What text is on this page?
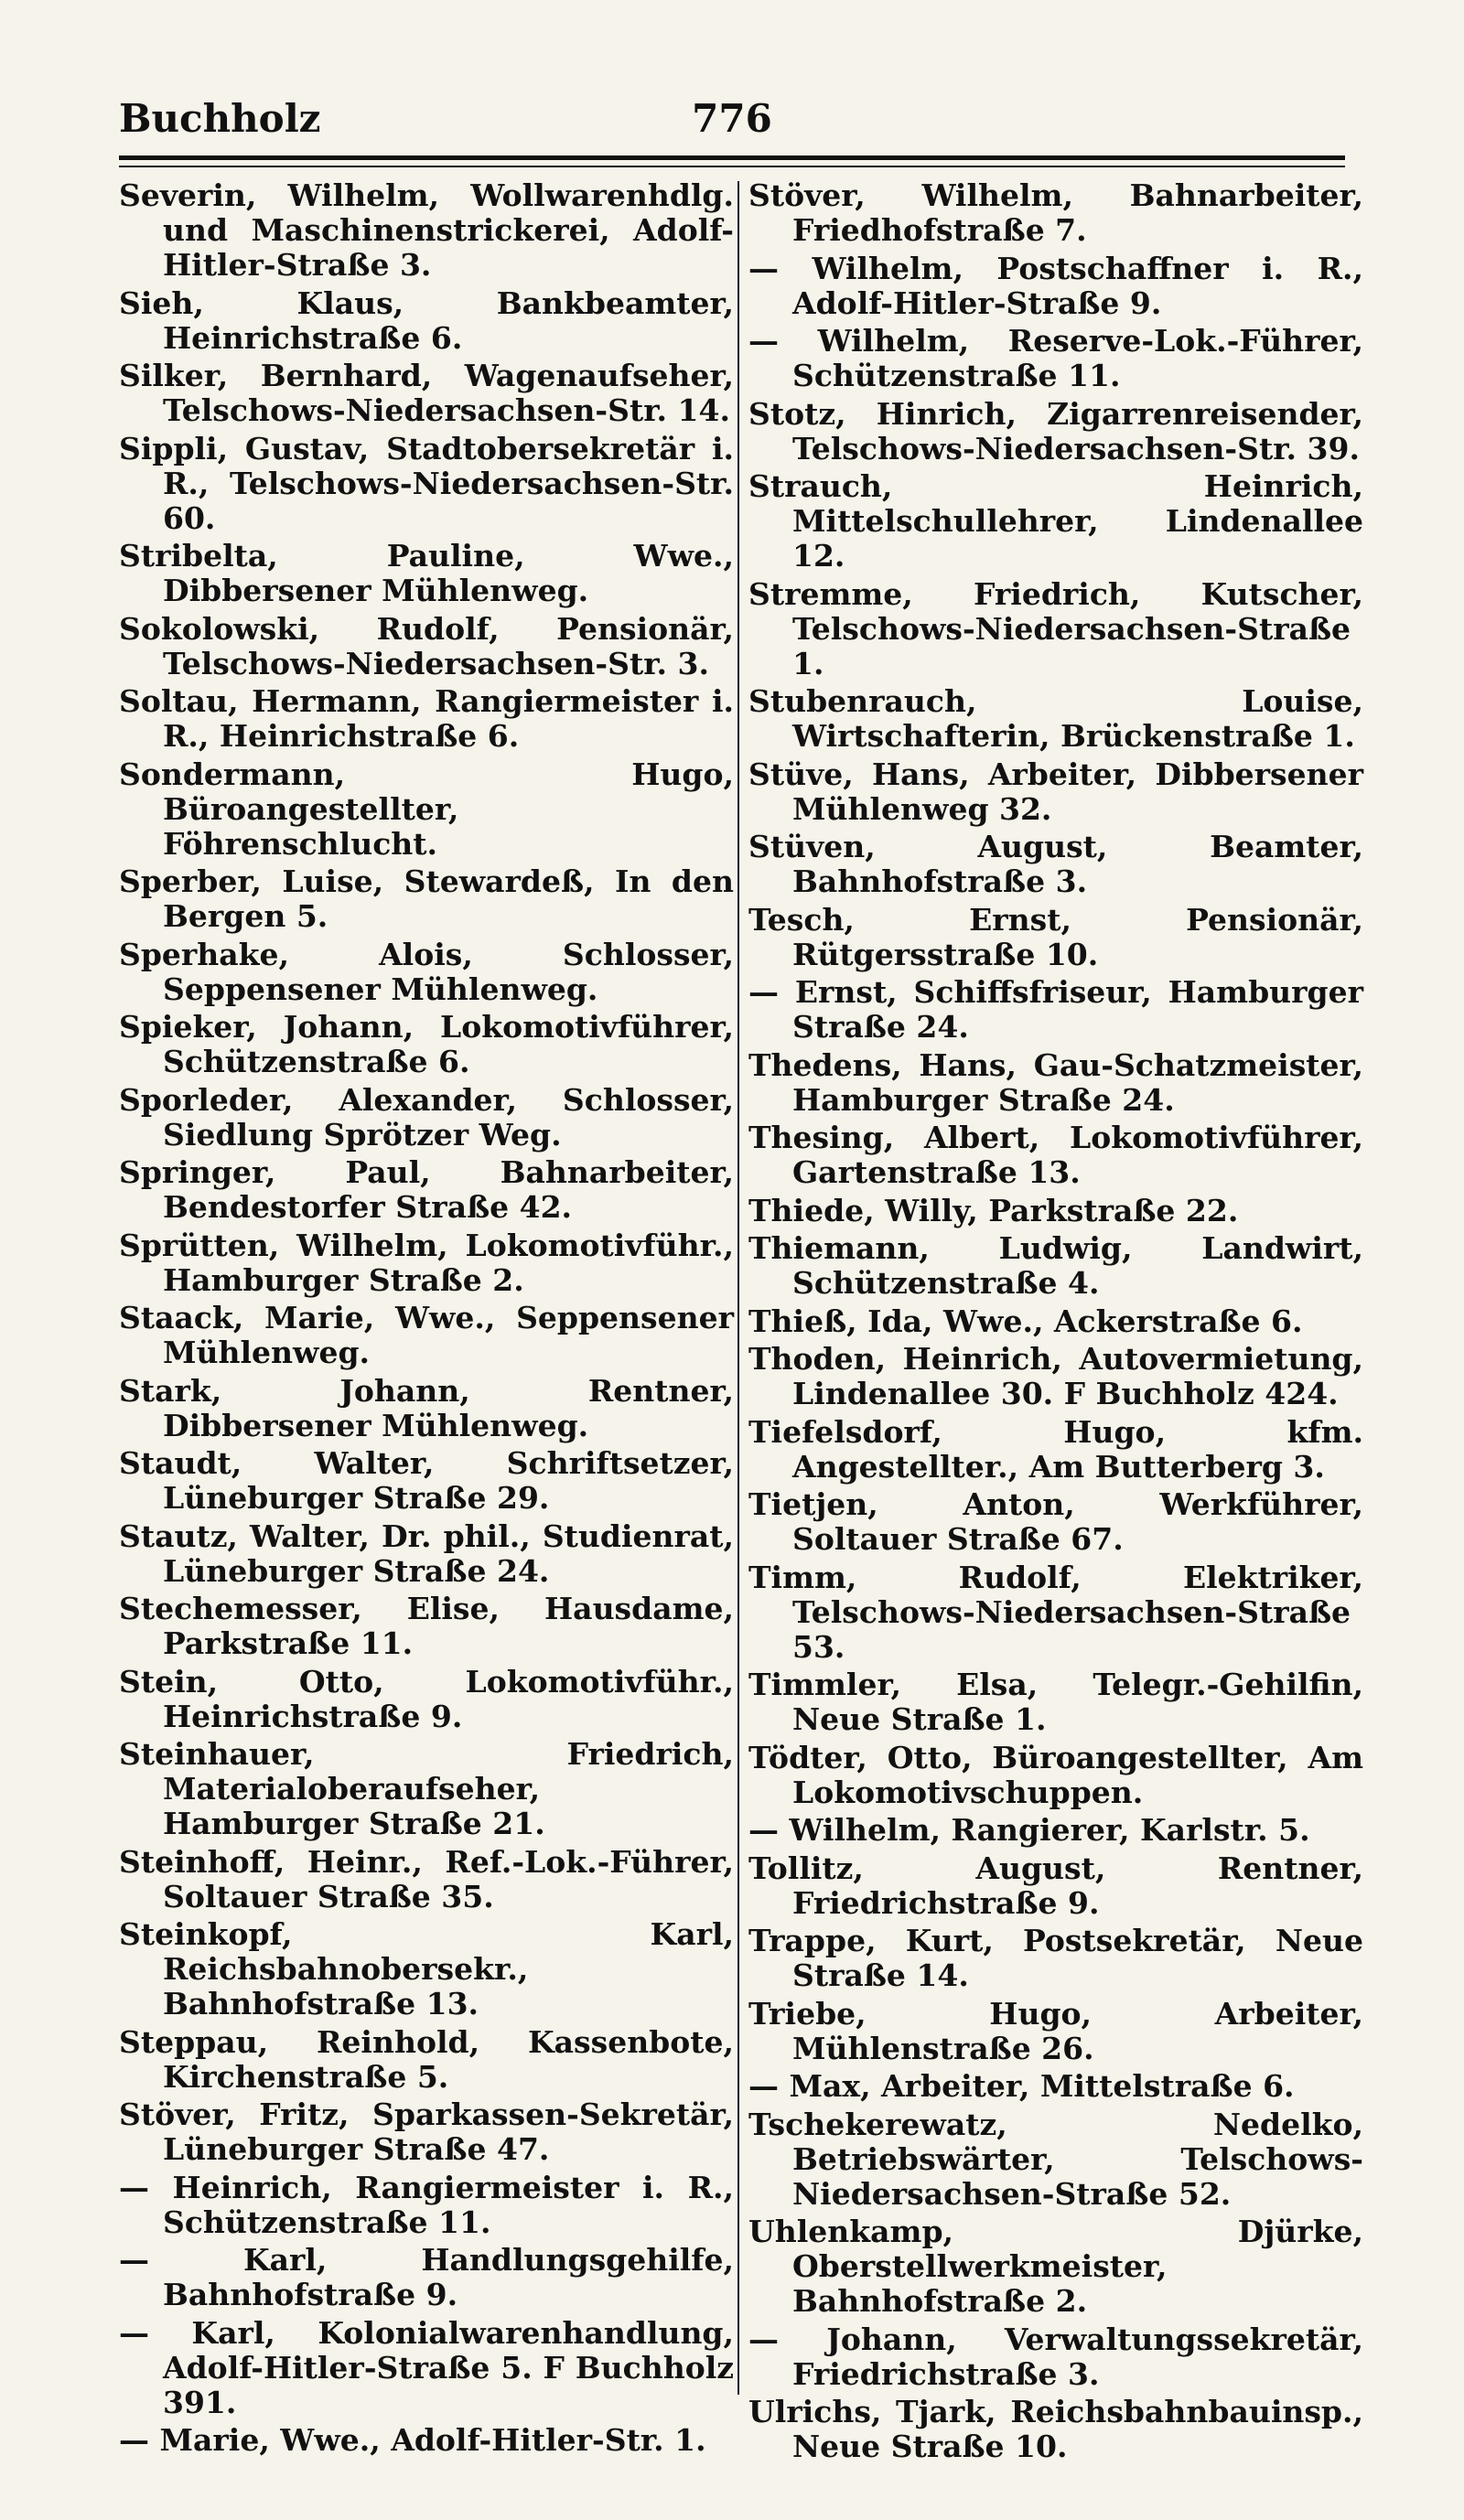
776
Buchholz
Severin, Wilhelm, Wollwarenhdlg. und Maschinenstrickerei, Adolf-Hitler-Straße 3.
Sieh, Klaus, Bankbeamter, Heinrichstraße 6.
Silker, Bernhard, Wagenaufseher, Telschows-Niedersachsen-Str. 14.
Sippli, Gustav, Stadtobersekretär i. R., Telschows-Niedersachsen-Str. 60.
Stribelta, Pauline, Wwe., Dibbersener Mühlenweg.
Sokolowski, Rudolf, Pensionär, Telschows-Niedersachsen-Str. 3.
Soltau, Hermann, Rangiermeister i. R., Heinrichstraße 6.
Sondermann, Hugo, Büroangestellter, Föhrenschlucht.
Sperber, Luise, Stewardeß, In den Bergen 5.
Sperhake, Alois, Schlosser, Seppensener Mühlenweg.
Spieker, Johann, Lokomotivführer, Schützenstraße 6.
Sporleder, Alexander, Schlosser, Siedlung Sprötzer Weg.
Springer, Paul, Bahnarbeiter, Bendestorfer Straße 42.
Sprütten, Wilhelm, Lokomotivführ., Hamburger Straße 2.
Staack, Marie, Wwe., Seppensener Mühlenweg.
Stark, Johann, Rentner, Dibbersener Mühlenweg.
Staudt, Walter, Schriftsetzer, Lüneburger Straße 29.
Stautz, Walter, Dr. phil., Studienrat, Lüneburger Straße 24.
Stechemesser, Elise, Hausdame, Parkstraße 11.
Stein, Otto, Lokomotivführ., Heinrichstraße 9.
Steinhauer, Friedrich, Materialoberaufseher, Hamburger Straße 21.
Steinhoff, Heinr., Ref.-Lok.-Führer, Soltauer Straße 35.
Steinkopf, Karl, Reichsbahnobersekr., Bahnhofstraße 13.
Steppau, Reinhold, Kassenbote, Kirchenstraße 5.
Stöver, Fritz, Sparkassen-Sekretär, Lüneburger Straße 47.
— Heinrich, Rangiermeister i. R., Schützenstraße 11.
— Karl, Handlungsgehilfe, Bahnhofstraße 9.
— Karl, Kolonialwarenhandlung, Adolf-Hitler-Straße 5. F Buchholz 391.
— Marie, Wwe., Adolf-Hitler-Str. 1.
Stöver, Wilhelm, Bahnarbeiter, Friedhofstraße 7.
— Wilhelm, Postschaffner i. R., Adolf-Hitler-Straße 9.
— Wilhelm, Reserve-Lok.-Führer, Schützenstraße 11.
Stotz, Hinrich, Zigarrenreisender, Telschows-Niedersachsen-Str. 39.
Strauch, Heinrich, Mittelschullehrer, Lindenallee 12.
Stremme, Friedrich, Kutscher, Telschows-Niedersachsen-Straße 1.
Stubenrauch, Louise, Wirtschafterin, Brückenstraße 1.
Stüve, Hans, Arbeiter, Dibbersener Mühlenweg 32.
Stüven, August, Beamter, Bahnhofstraße 3.
Tesch, Ernst, Pensionär, Rütgersstraße 10.
— Ernst, Schiffsfriseur, Hamburger Straße 24.
Thedens, Hans, Gau-Schatzmeister, Hamburger Straße 24.
Thesing, Albert, Lokomotivführer, Gartenstraße 13.
Thiede, Willy, Parkstraße 22.
Thiemann, Ludwig, Landwirt, Schützenstraße 4.
Thieß, Ida, Wwe., Ackerstraße 6.
Thoden, Heinrich, Autovermietung, Lindenallee 30. F Buchholz 424.
Tiefelsdorf, Hugo, kfm. Angestellter., Am Butterberg 3.
Tietjen, Anton, Werkführer, Soltauer Straße 67.
Timm, Rudolf, Elektriker, Telschows-Niedersachsen-Straße 53.
Timmler, Elsa, Telegr.-Gehilfin, Neue Straße 1.
Tödter, Otto, Büroangestellter, Am Lokomotivschuppen.
— Wilhelm, Rangierer, Karlstr. 5.
Tollitz, August, Rentner, Friedrichstraße 9.
Trappe, Kurt, Postsekretär, Neue Straße 14.
Triebe, Hugo, Arbeiter, Mühlenstraße 26.
— Max, Arbeiter, Mittelstraße 6.
Tschekerewatz, Nedelko, Betriebswärter, Telschows-Niedersachsen-Straße 52.
Uhlenkamp, Djürke, Oberstellwerkmeister, Bahnhofstraße 2.
— Johann, Verwaltungssekretär, Friedrichstraße 3.
Ulrichs, Tjark, Reichsbahnbauinsp., Neue Straße 10.
